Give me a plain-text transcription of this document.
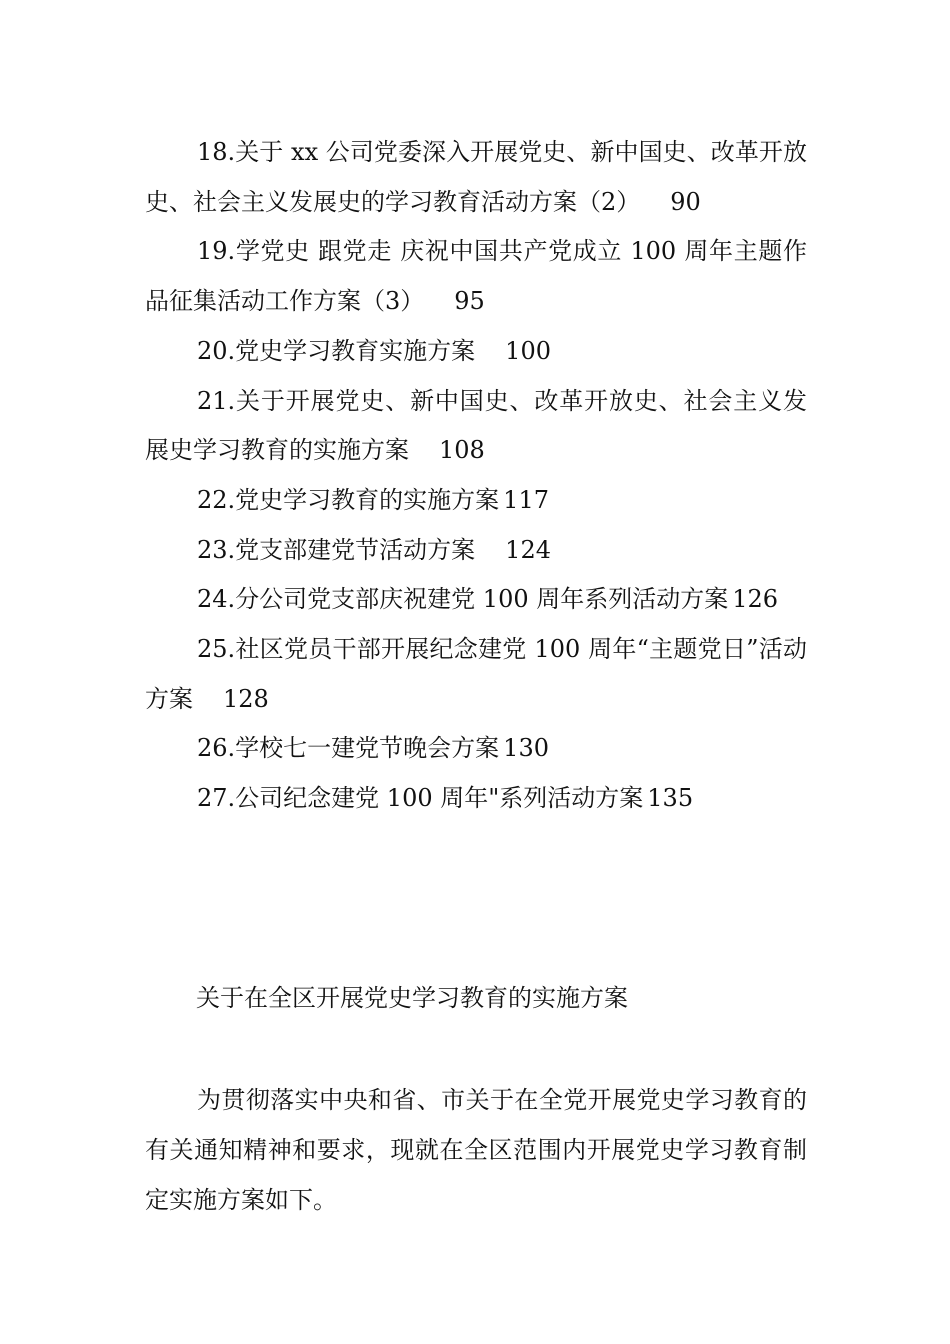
18.关于 xx 公司党委深入开展党史、新中国史、改革开放史、社会主义发展史的学习教育活动方案（2） 90
19.学党史 跟党走 庆祝中国共产党成立 100 周年主题作品征集活动工作方案（3） 95
20.党史学习教育实施方案 100
21.关于开展党史、新中国史、改革开放史、社会主义发展史学习教育的实施方案 108
22.党史学习教育的实施方案 117
23.党支部建党节活动方案 124
24.分公司党支部庆祝建党 100 周年系列活动方案 126
25.社区党员干部开展纪念建党 100 周年“主题党日”活动方案 128
26.学校七一建党节晚会方案 130
27.公司纪念建党 100 周年"系列活动方案 135
关于在全区开展党史学习教育的实施方案

为贯彻落实中央和省、市关于在全党开展党史学习教育的有关通知精神和要求，现就在全区范围内开展党史学习教育制定实施方案如下。
